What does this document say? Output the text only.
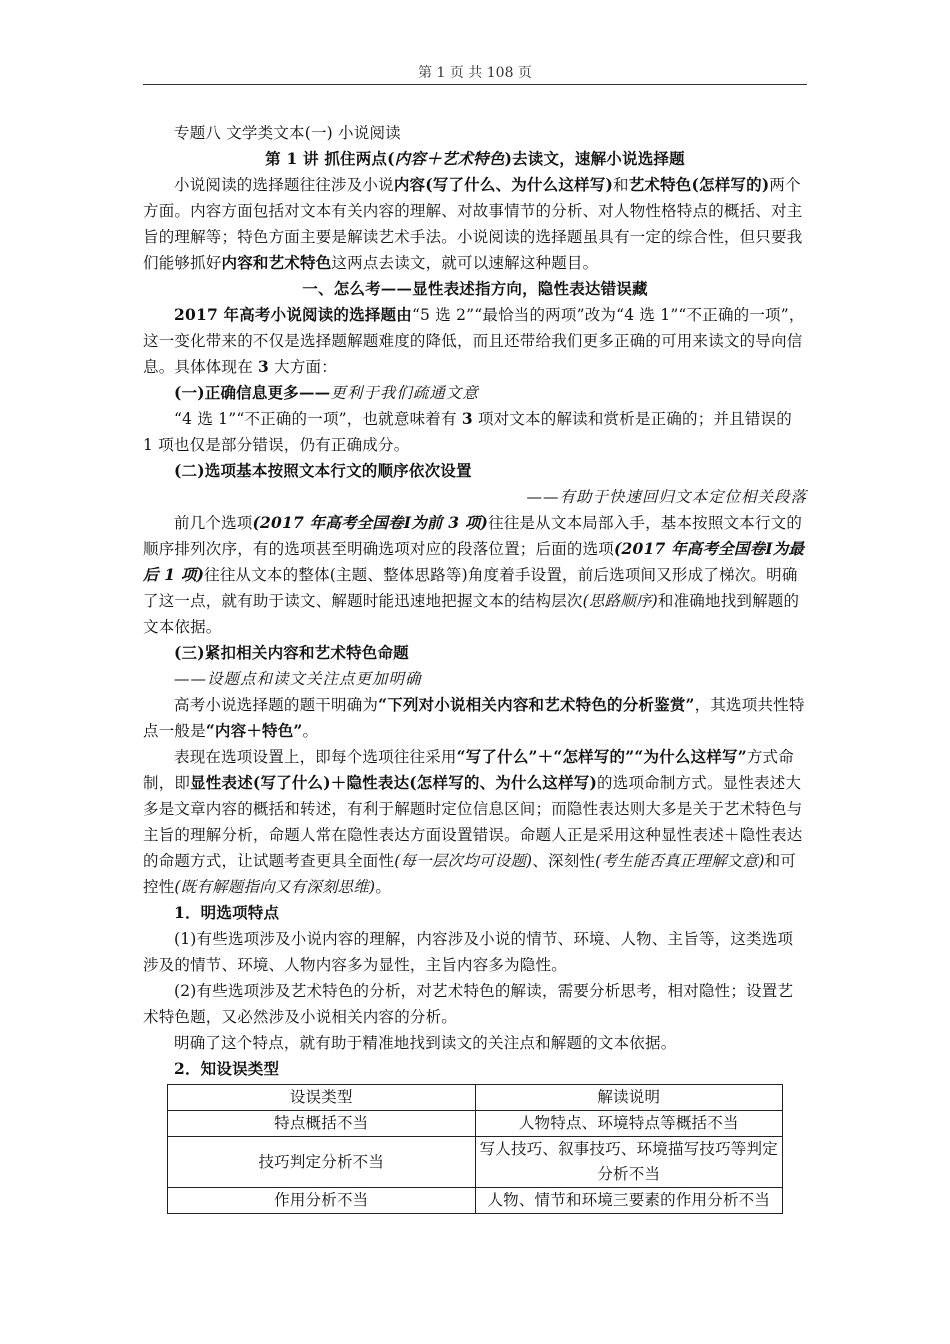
第 1 页 共 108 页

专题八 文学类文本(一) 小说阅读

第 1 讲 抓住两点(内容＋艺术特色)去读文，速解小说选择题

小说阅读的选择题往往涉及小说内容(写了什么、为什么这样写)和艺术特色(怎样写的)两个方面。内容方面包括对文本有关内容的理解、对故事情节的分析、对人物性格特点的概括、对主旨的理解等；特色方面主要是解读艺术手法。小说阅读的选择题虽具有一定的综合性，但只要我们能够抓好内容和艺术特色这两点去读文，就可以速解这种题目。

一、怎么考——显性表述指方向，隐性表达错误藏

2017 年高考小说阅读的选择题由“5 选 2”“最恰当的两项”改为“4 选 1”“不正确的一项”，这一变化带来的不仅是选择题解题难度的降低，而且还带给我们更多正确的可用来读文的导向信息。具体体现在 3 大方面：

(一)正确信息更多——更利于我们疏通文意

“4 选 1”“不正确的一项”，也就意味着有 3 项对文本的解读和赏析是正确的；并且错误的 1 项也仅是部分错误，仍有正确成分。

(二)选项基本按照文本行文的顺序依次设置

——有助于快速回归文本定位相关段落

前几个选项(2017 年高考全国卷Ⅰ为前 3 项)往往是从文本局部入手，基本按照文本行文的顺序排列次序，有的选项甚至明确选项对应的段落位置；后面的选项(2017 年高考全国卷Ⅰ为最后 1 项)往往从文本的整体(主题、整体思路等)角度着手设置，前后选项间又形成了梯次。明确了这一点，就有助于读文、解题时能迅速地把握文本的结构层次(思路顺序)和准确地找到解题的文本依据。

(三)紧扣相关内容和艺术特色命题

——设题点和读文关注点更加明确

高考小说选择题的题干明确为“下列对小说相关内容和艺术特色的分析鉴赏”，其选项共性特点一般是“内容＋特色”。

表现在选项设置上，即每个选项往往采用“写了什么”＋“怎样写的”“为什么这样写”方式命制，即显性表述(写了什么)＋隐性表达(怎样写的、为什么这样写)的选项命制方式。显性表述大多是文章内容的概括和转述，有利于解题时定位信息区间；而隐性表达则大多是关于艺术特色与主旨的理解分析，命题人常在隐性表达方面设置错误。命题人正是采用这种显性表述＋隐性表达的命题方式，让试题考查更具全面性(每一层次均可设题)、深刻性(考生能否真正理解文意)和可控性(既有解题指向又有深刻思维)。

1．明选项特点

(1)有些选项涉及小说内容的理解，内容涉及小说的情节、环境、人物、主旨等，这类选项涉及的情节、环境、人物内容多为显性，主旨内容多为隐性。

(2)有些选项涉及艺术特色的分析，对艺术特色的解读，需要分析思考，相对隐性；设置艺术特色题，又必然涉及小说相关内容的分析。

明确了这个特点，就有助于精准地找到读文的关注点和解题的文本依据。

2．知设误类型

设误类型	解读说明
特点概括不当	人物特点、环境特点等概括不当
技巧判定分析不当	写人技巧、叙事技巧、环境描写技巧等判定分析不当
作用分析不当	人物、情节和环境三要素的作用分析不当
